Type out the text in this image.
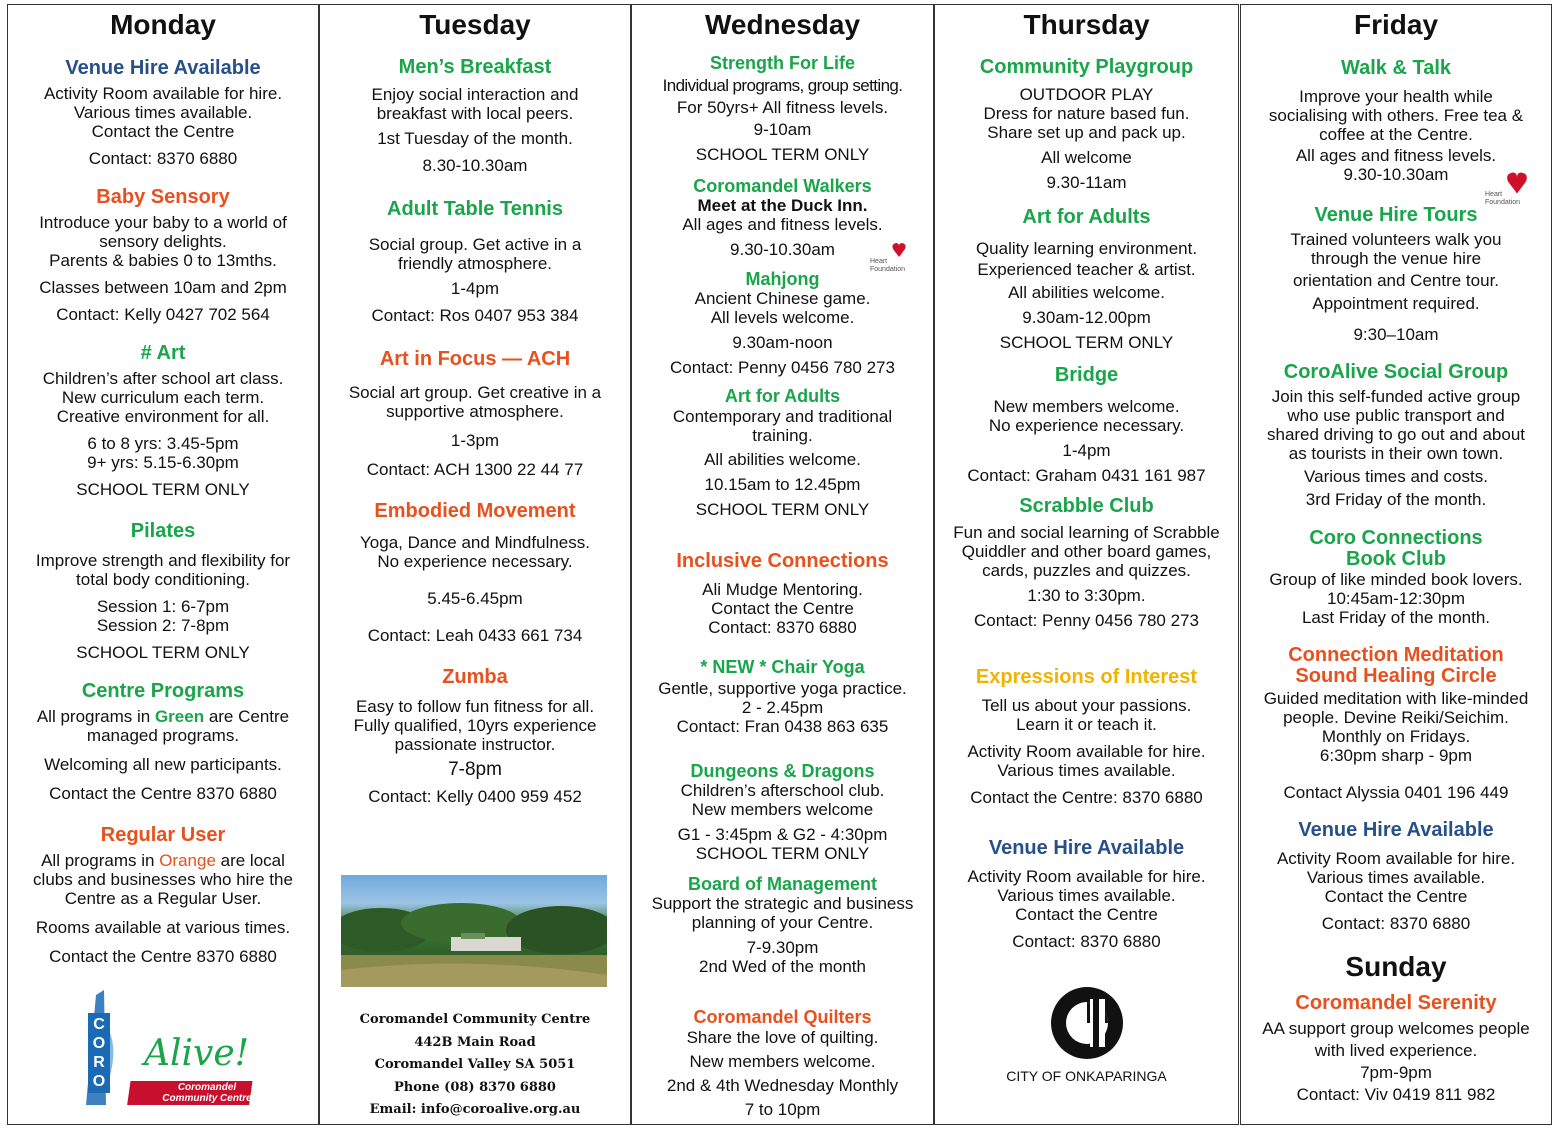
Monday
Venue Hire Available
Activity Room available for hire.
Various times available.
Contact the Centre
Contact: 8370 6880
Baby Sensory
Introduce your baby to a world of
sensory delights.
Parents & babies 0 to 13mths.
Classes between 10am and 2pm
Contact: Kelly 0427 702 564
# Art
Children’s after school art class.
New curriculum each term.
Creative environment for all.
6 to 8 yrs: 3.45-5pm
9+ yrs: 5.15-6.30pm
SCHOOL TERM ONLY
Pilates
Improve strength and flexibility for
total body conditioning.
Session 1: 6-7pm
Session 2: 7-8pm
SCHOOL TERM ONLY
Centre Programs
All programs in Green are Centre
managed programs.
Welcoming all new participants.
Contact the Centre 8370 6880
Regular User
All programs in Orange are local
clubs and businesses who hire the
Centre as a Regular User.
Rooms available at various times.
Contact the Centre 8370 6880
CORO
Alive!
Coromandel
Community Centre
Tuesday
Men’s Breakfast
Enjoy social interaction and
breakfast with local peers.
1st Tuesday of the month.
8.30-10.30am
Adult Table Tennis
Social group. Get active in a
friendly atmosphere.
1-4pm
Contact: Ros 0407 953 384
Art in Focus — ACH
Social art group. Get creative in a
supportive atmosphere.
1-3pm
Contact: ACH 1300 22 44 77
Embodied Movement
Yoga, Dance and Mindfulness.
No experience necessary.
5.45-6.45pm
Contact: Leah 0433 661 734
Zumba
Easy to follow fun fitness for all.
Fully qualified, 10yrs experience
passionate instructor.
7-8pm
Contact: Kelly 0400 959 452
Coromandel Community Centre
442B Main Road
Coromandel Valley SA 5051
Phone (08) 8370 6880
Email: info@coroalive.org.au
Wednesday
Strength For Life
Individual programs, group setting.
For 50yrs+ All fitness levels.
9-10am
SCHOOL TERM ONLY
Coromandel Walkers
Meet at the Duck Inn.
All ages and fitness levels.
9.30-10.30am
Heart
Foundation
Mahjong
Ancient Chinese game.
All levels welcome.
9.30am-noon
Contact: Penny 0456 780 273
Art for Adults
Contemporary and traditional
training.
All abilities welcome.
10.15am to 12.45pm
SCHOOL TERM ONLY
Inclusive Connections
Ali Mudge Mentoring.
Contact the Centre
Contact: 8370 6880
* NEW * Chair Yoga
Gentle, supportive yoga practice.
2 - 2.45pm
Contact: Fran 0438 863 635
Dungeons & Dragons
Children’s afterschool club.
New members welcome
G1 - 3:45pm & G2 - 4:30pm
SCHOOL TERM ONLY
Board of Management
Support the strategic and business
planning of your Centre.
7-9.30pm
2nd Wed of the month
Coromandel Quilters
Share the love of quilting.
New members welcome.
2nd & 4th Wednesday Monthly
7 to 10pm
Thursday
Community Playgroup
OUTDOOR PLAY
Dress for nature based fun.
Share set up and pack up.
All welcome
9.30-11am
Art for Adults
Quality learning environment.
Experienced teacher & artist.
All abilities welcome.
9.30am-12.00pm
SCHOOL TERM ONLY
Bridge
New members welcome.
No experience necessary.
1-4pm
Contact: Graham 0431 161 987
Scrabble Club
Fun and social learning of Scrabble
Quiddler and other board games,
cards, puzzles and quizzes.
1:30 to 3:30pm.
Contact: Penny 0456 780 273
Expressions of Interest
Tell us about your passions.
Learn it or teach it.
Activity Room available for hire.
Various times available.
Contact the Centre: 8370 6880
Venue Hire Available
Activity Room available for hire.
Various times available.
Contact the Centre
Contact: 8370 6880
CITY OF ONKAPARINGA
Friday
Walk & Talk
Improve your health while
socialising with others. Free tea &
coffee at the Centre.
All ages and fitness levels.
9.30-10.30am
Heart
Foundation
Venue Hire Tours
Trained volunteers walk you
through the venue hire
orientation and Centre tour.
Appointment required.
9:30–10am
CoroAlive Social Group
Join this self-funded active group
who use public transport and
shared driving to go out and about
as tourists in their own town.
Various times and costs.
3rd Friday of the month.
Coro Connections
Book Club
Group of like minded book lovers.
10:45am-12:30pm
Last Friday of the month.
Connection Meditation
Sound Healing Circle
Guided meditation with like-minded
people. Devine Reiki/Seichim.
Monthly on Fridays.
6:30pm sharp - 9pm
Contact Alyssia 0401 196 449
Venue Hire Available
Activity Room available for hire.
Various times available.
Contact the Centre
Contact: 8370 6880
Sunday
Coromandel Serenity
AA support group welcomes people
with lived experience.
7pm-9pm
Contact: Viv 0419 811 982
